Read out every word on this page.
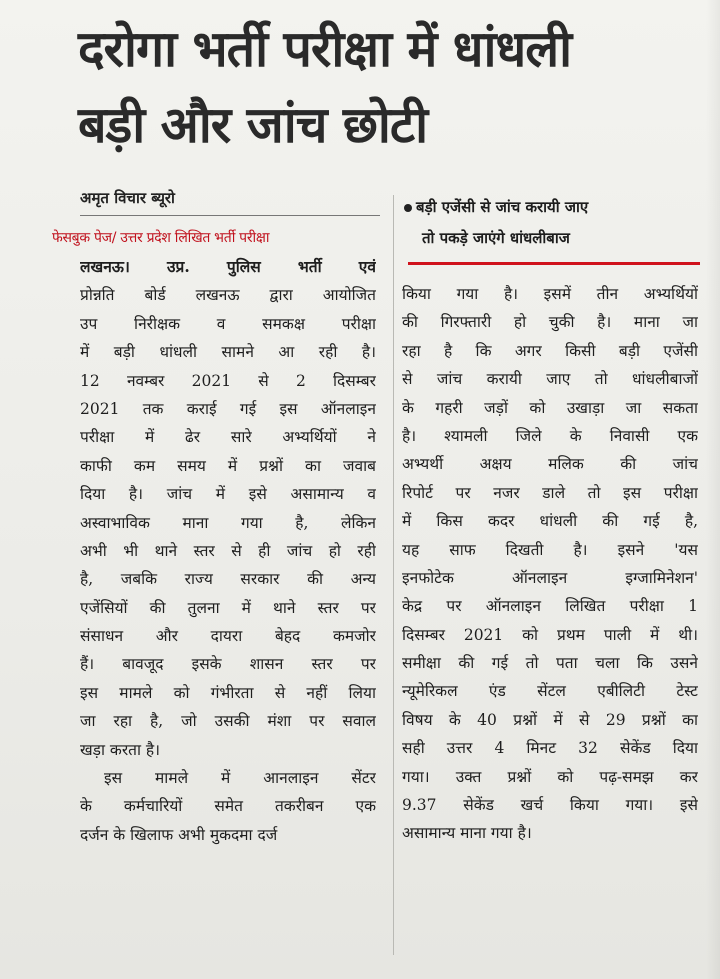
दरोगा भर्ती परीक्षा में धांधली
बड़ी और जांच छोटी
अमृत विचार ब्यूरो
फेसबुक पेज/ उत्तर प्रदेश लिखित भर्ती परीक्षा
बड़ी एजेंसी से जांच करायी जाए
तो पकड़े जाएंगे धांधलीबाज
लखनऊ। उप्र. पुलिस भर्ती एवं
प्रोन्नति बोर्ड लखनऊ द्वारा आयोजित
उप निरीक्षक व समकक्ष परीक्षा
में बड़ी धांधली सामने आ रही है।
12 नवम्बर 2021 से 2 दिसम्बर
2021 तक कराई गई इस ऑनलाइन
परीक्षा में ढेर सारे अभ्यर्थियों ने
काफी कम समय में प्रश्नों का जवाब
दिया है। जांच में इसे असामान्य व
अस्वाभाविक माना गया है, लेकिन
अभी भी थाने स्तर से ही जांच हो रही
है, जबकि राज्य सरकार की अन्य
एजेंसियों की तुलना में थाने स्तर पर
संसाधन और दायरा बेहद कमजोर
हैं। बावजूद इसके शासन स्तर पर
इस मामले को गंभीरता से नहीं लिया
जा रहा है, जो उसकी मंशा पर सवाल
खड़ा करता है।
इस मामले में आनलाइन सेंटर
के कर्मचारियों समेत तकरीबन एक
दर्जन के खिलाफ अभी मुकदमा दर्ज
किया गया है। इसमें तीन अभ्यर्थियों
की गिरफ्तारी हो चुकी है। माना जा
रहा है कि अगर किसी बड़ी एजेंसी
से जांच करायी जाए तो धांधलीबाजों
के गहरी जड़ों को उखाड़ा जा सकता
है। श्यामली जिले के निवासी एक
अभ्यर्थी अक्षय मलिक की जांच
रिपोर्ट पर नजर डाले तो इस परीक्षा
में किस कदर धांधली की गई है,
यह साफ दिखती है। इसने 'यस
इनफोटेक ऑनलाइन इग्जामिनेशन'
केद्र पर ऑनलाइन लिखित परीक्षा 1
दिसम्बर 2021 को प्रथम पाली में थी।
समीक्षा की गई तो पता चला कि उसने
न्यूमेरिकल एंड सेंटल एबीलिटी टेस्ट
विषय के 40 प्रश्नों में से 29 प्रश्नों का
सही उत्तर 4 मिनट 32 सेकेंड दिया
गया। उक्त प्रश्नों को पढ़-समझ कर
9.37 सेकेंड खर्च किया गया। इसे
असामान्य माना गया है।
